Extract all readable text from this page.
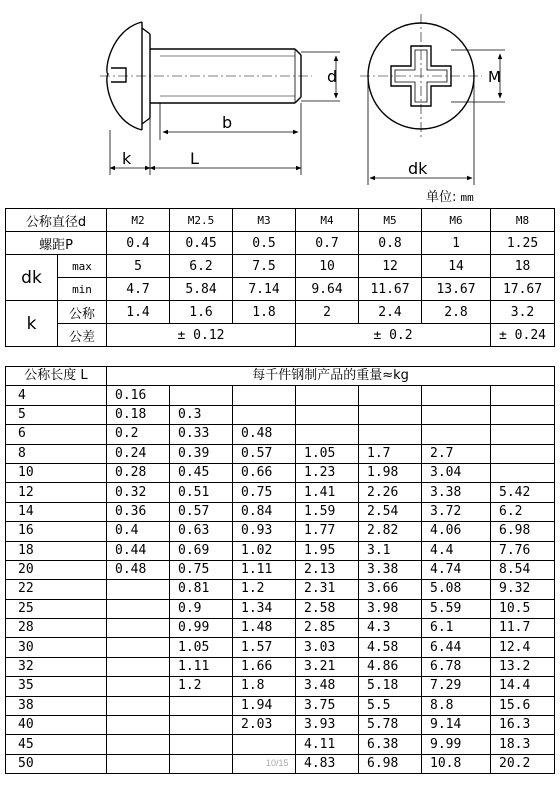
d
b
k	L
M
dk
单位: mm
公称直径d		M2	M2.5	M3	M4	M5	M6	M8
螺距P		0.4	0.45	0.5	0.7	0.8	1	1.25
dk	max	5	6.2	7.5	10	12	14	18
	min	4.7	5.84	7.14	9.64	11.67	13.67	17.67
k	公称	1.4	1.6	1.8	2	2.4	2.8	3.2
	公差	± 0.12			± 0.2			± 0.24
公称长度 L	每千件钢制产品的重量≈kg						
4	0.16						
5	0.18	0.3					
6	0.2	0.33	0.48				
8	0.24	0.39	0.57	1.05	1.7	2.7	
10	0.28	0.45	0.66	1.23	1.98	3.04	
12	0.32	0.51	0.75	1.41	2.26	3.38	5.42
14	0.36	0.57	0.84	1.59	2.54	3.72	6.2
16	0.4	0.63	0.93	1.77	2.82	4.06	6.98
18	0.44	0.69	1.02	1.95	3.1	4.4	7.76
20	0.48	0.75	1.11	2.13	3.38	4.74	8.54
22		0.81	1.2	2.31	3.66	5.08	9.32
25		0.9	1.34	2.58	3.98	5.59	10.5
28		0.99	1.48	2.85	4.3	6.1	11.7
30		1.05	1.57	3.03	4.58	6.44	12.4
32		1.11	1.66	3.21	4.86	6.78	13.2
35		1.2	1.8	3.48	5.18	7.29	14.4
38			1.94	3.75	5.5	8.8	15.6
40			2.03	3.93	5.78	9.14	16.3
45				4.11	6.38	9.99	18.3
50				4.83	6.98	10.8	20.2
10/15
